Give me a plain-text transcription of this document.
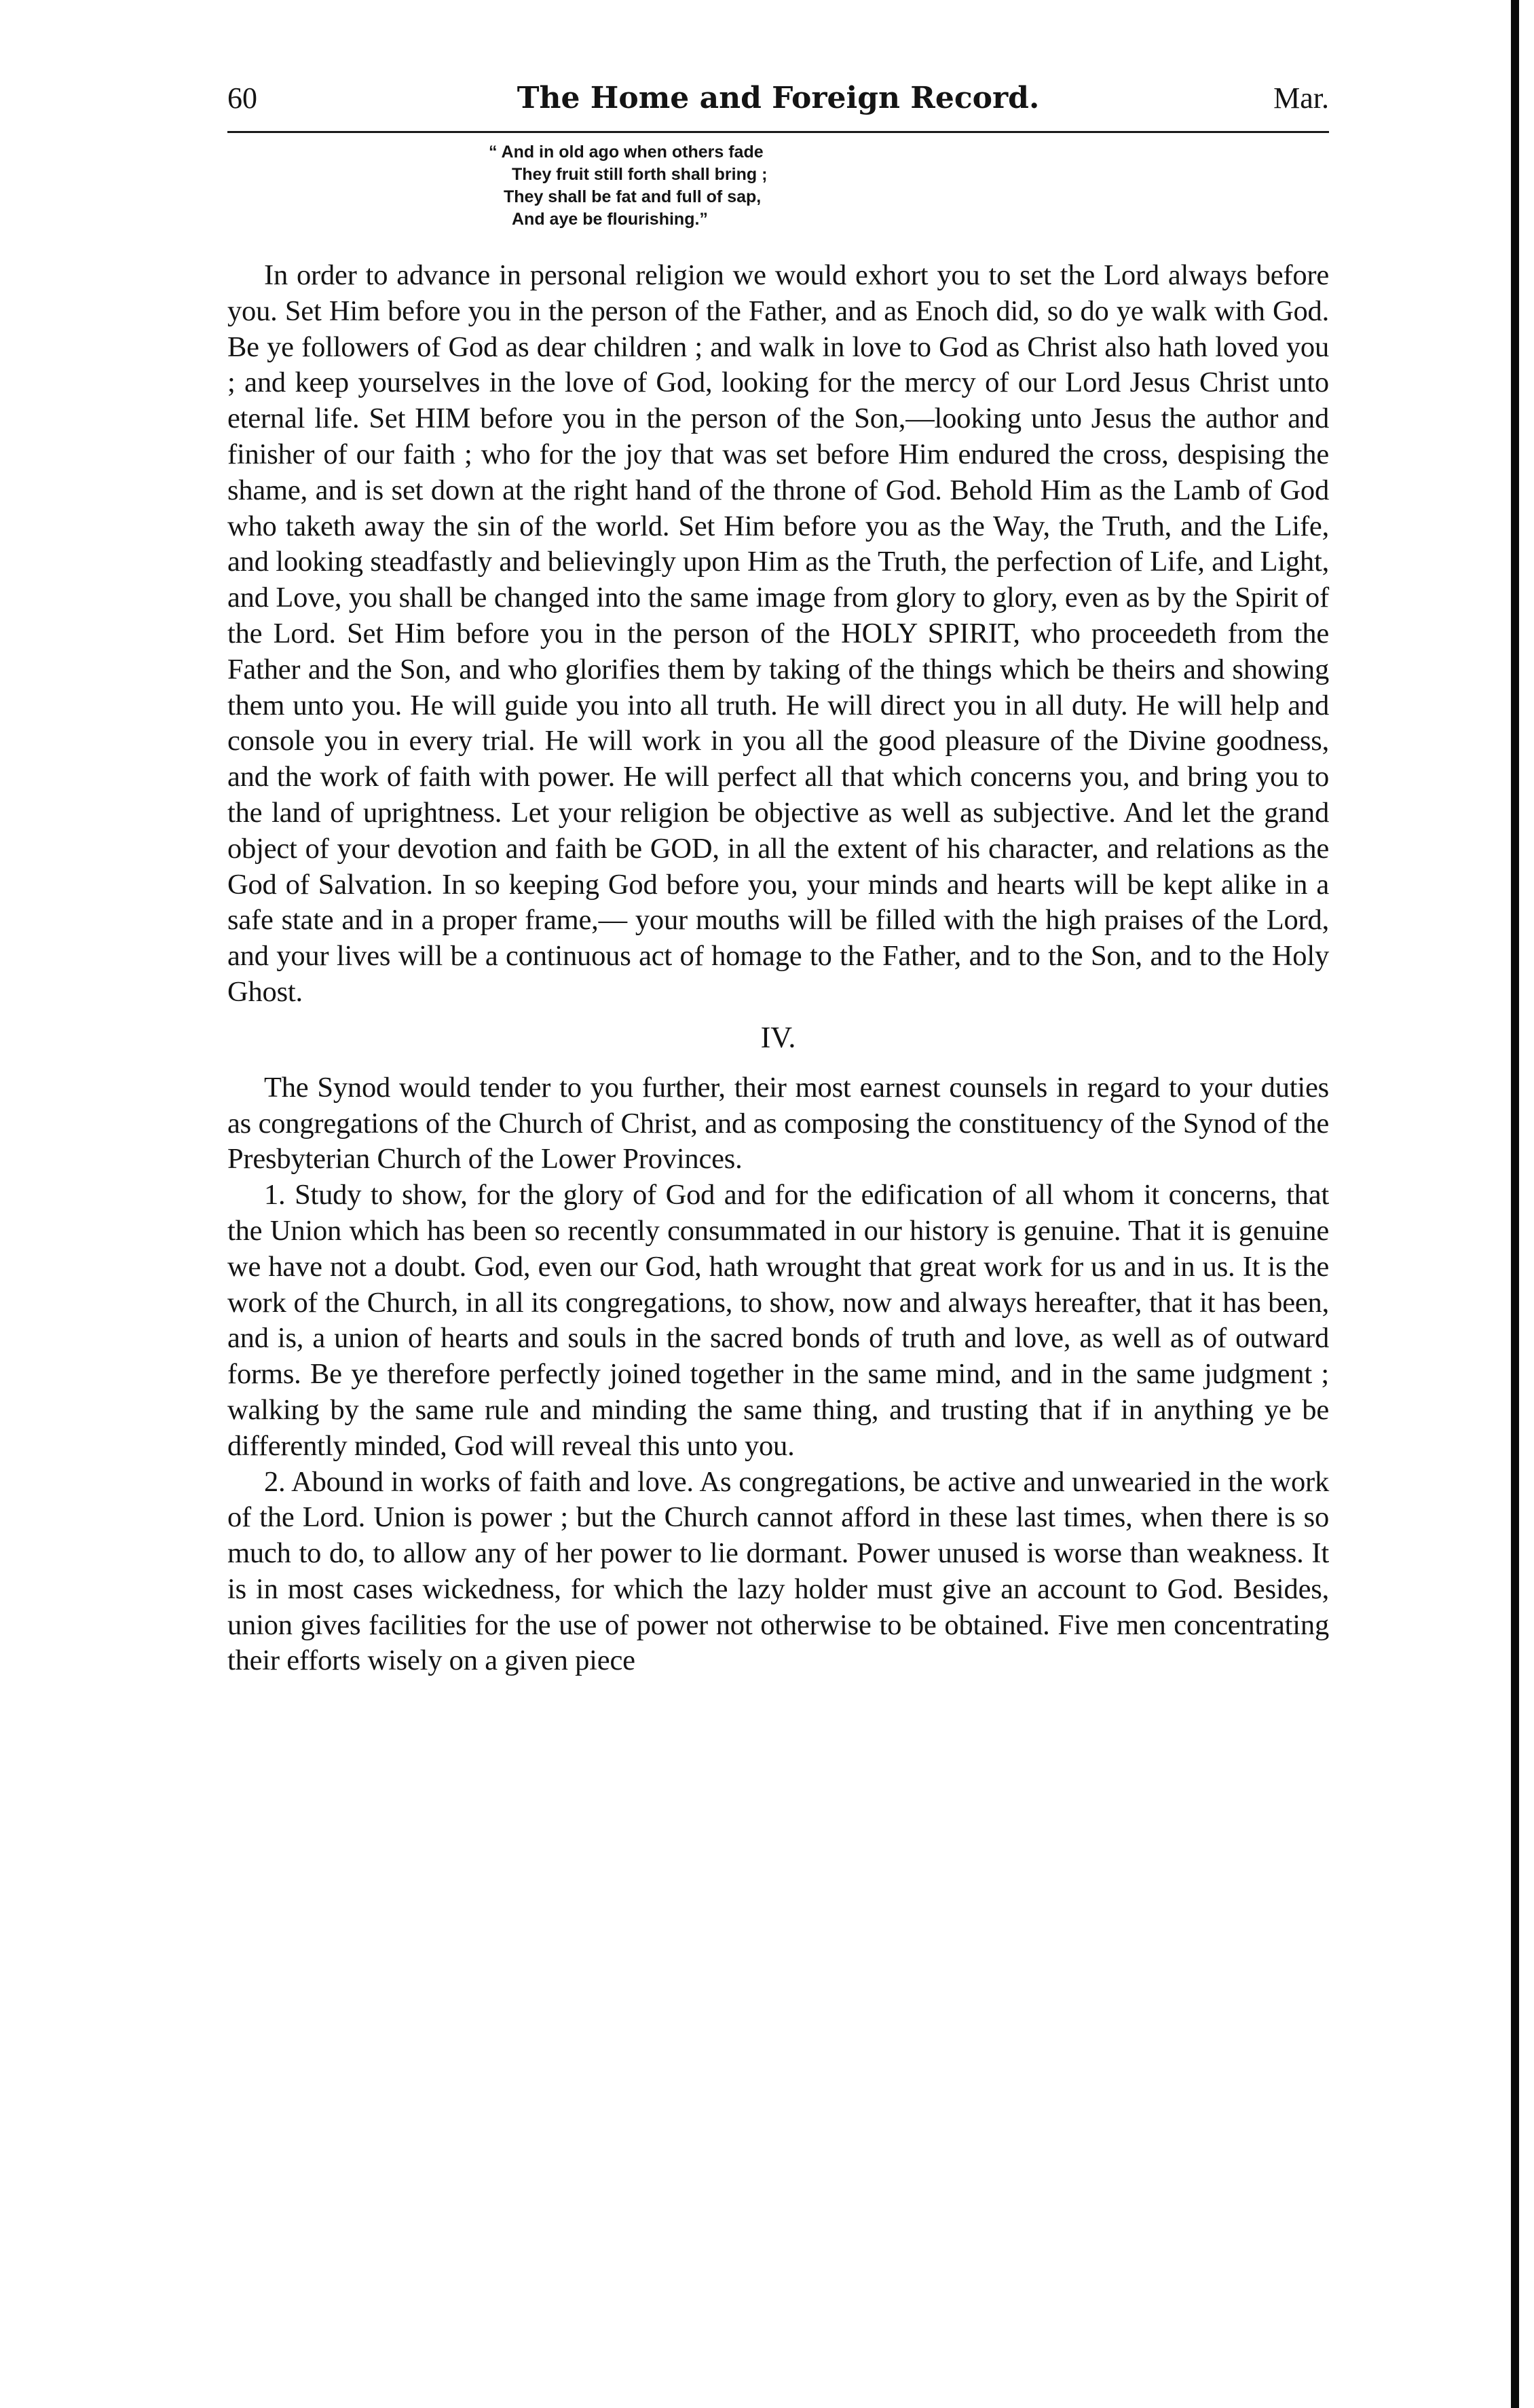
60	The Home and Foreign Record.	Mar.
“ And in old ago when others fade
They fruit still forth shall bring ;
They shall be fat and full of sap,
And aye be flourishing.”

In order to advance in personal religion we would exhort you to set the Lord always before you. Set Him before you in the person of the Father, and as Enoch did, so do ye walk with God. Be ye followers of God as dear children ; and walk in love to God as Christ also hath loved you ; and keep yourselves in the love of God, looking for the mercy of our Lord Jesus Christ unto eternal life. Set HIM before you in the person of the Son,—looking unto Jesus the author and finisher of our faith ; who for the joy that was set before Him endured the cross, despising the shame, and is set down at the right hand of the throne of God. Behold Him as the Lamb of God who taketh away the sin of the world. Set Him before you as the Way, the Truth, and the Life, and looking steadfastly and believingly upon Him as the Truth, the perfection of Life, and Light, and Love, you shall be changed into the same image from glory to glory, even as by the Spirit of the Lord. Set Him before you in the person of the HOLY SPIRIT, who proceedeth from the Father and the Son, and who glorifies them by taking of the things which be theirs and showing them unto you. He will guide you into all truth. He will direct you in all duty. He will help and console you in every trial. He will work in you all the good pleasure of the Divine goodness, and the work of faith with power. He will perfect all that which concerns you, and bring you to the land of uprightness. Let your religion be objective as well as subjective. And let the grand object of your devotion and faith be GOD, in all the extent of his character, and relations as the God of Salvation. In so keeping God before you, your minds and hearts will be kept alike in a safe state and in a proper frame,— your mouths will be filled with the high praises of the Lord, and your lives will be a continuous act of homage to the Father, and to the Son, and to the Holy Ghost.

IV.

The Synod would tender to you further, their most earnest counsels in regard to your duties as congregations of the Church of Christ, and as composing the constituency of the Synod of the Presbyterian Church of the Lower Provinces.

1. Study to show, for the glory of God and for the edification of all whom it concerns, that the Union which has been so recently consummated in our history is genuine. That it is genuine we have not a doubt. God, even our God, hath wrought that great work for us and in us. It is the work of the Church, in all its congregations, to show, now and always hereafter, that it has been, and is, a union of hearts and souls in the sacred bonds of truth and love, as well as of outward forms. Be ye therefore perfectly joined together in the same mind, and in the same judgment ; walking by the same rule and minding the same thing, and trusting that if in anything ye be differently minded, God will reveal this unto you.

2. Abound in works of faith and love. As congregations, be active and unwearied in the work of the Lord. Union is power ; but the Church cannot afford in these last times, when there is so much to do, to allow any of her power to lie dormant. Power unused is worse than weakness. It is in most cases wickedness, for which the lazy holder must give an account to God. Besides, union gives facilities for the use of power not otherwise to be obtained. Five men concentrating their efforts wisely on a given piece
